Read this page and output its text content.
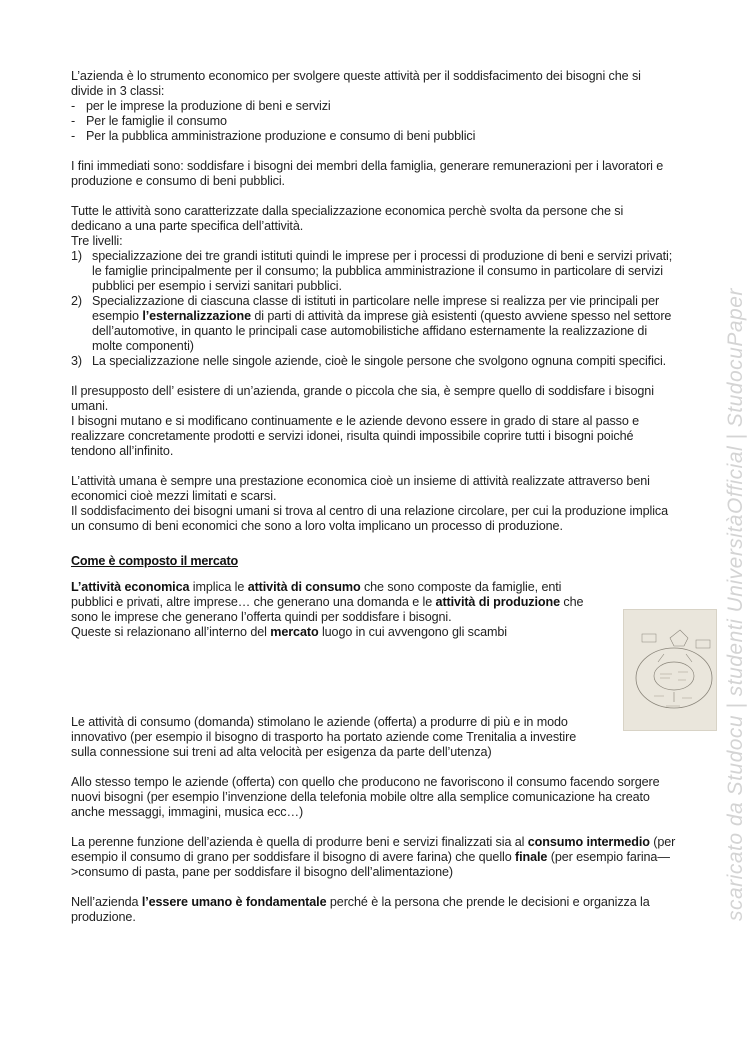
L’azienda è lo strumento economico per svolgere queste attività per il soddisfacimento dei bisogni che si divide in 3 classi:

- per le imprese la produzione di beni e servizi
- Per le famiglie il consumo
- Per la pubblica amministrazione produzione e consumo di beni pubblici

I fini immediati sono: soddisfare i bisogni dei membri della famiglia, generare remunerazioni per i lavoratori e produzione e consumo di beni pubblici.

Tutte le attività sono caratterizzate dalla specializzazione economica perchè svolta da persone che si dedicano a una parte specifica dell’attività.

Tre livelli:

1) specializzazione dei tre grandi istituti quindi le imprese per i processi di produzione di beni e servizi privati; le famiglie principalmente per il consumo; la pubblica amministrazione il consumo in particolare di servizi pubblici per esempio i servizi sanitari pubblici.
2) Specializzazione di ciascuna classe di istituti in particolare nelle imprese si realizza per vie principali per esempio l’esternalizzazione di parti di attività da imprese già esistenti (questo avviene spesso nel settore dell’automotive, in quanto le principali case automobilistiche affidano esternamente la realizzazione di molte componenti)
3) La specializzazione nelle singole aziende, cioè le singole persone che svolgono ognuna compiti specifici.

Il presupposto dell’ esistere di un’azienda, grande o piccola che sia, è sempre quello di soddisfare i bisogni umani.

I bisogni mutano e si modificano continuamente e le aziende devono essere in grado di stare al passo e realizzare concretamente prodotti e servizi idonei, risulta quindi impossibile coprire tutti i bisogni poiché tendono all’infinito.

L’attività umana è sempre una prestazione economica cioè un insieme di attività realizzate attraverso beni economici cioè mezzi limitati e scarsi.

Il soddisfacimento dei bisogni umani si trova al centro di una relazione circolare, per cui la produzione implica un consumo di beni economici che sono a loro volta implicano un processo di produzione.

Come è composto il mercato

L’attività economica implica le attività di consumo che sono composte da famiglie, enti pubblici e privati, altre imprese… che generano una domanda e le attività di produzione che sono le imprese che generano l’offerta quindi per soddisfare i bisogni.
Queste si relazionano all’interno del mercato luogo in cui avvengono gli scambi

Le attività di consumo (domanda) stimolano le aziende (offerta) a produrre di più e in modo innovativo (per esempio il bisogno di trasporto ha portato aziende come Trenitalia a investire sulla connessione sui treni ad alta velocità per esigenza da parte dell’utenza)

Allo stesso tempo le aziende (offerta) con quello che producono ne favoriscono il consumo facendo sorgere nuovi bisogni (per esempio l’invenzione della telefonia mobile oltre alla semplice comunicazione ha creato anche messaggi, immagini, musica ecc…)

La perenne funzione dell’azienda è quella di produrre beni e servizi finalizzati sia al consumo intermedio (per esempio il consumo di grano per soddisfare il bisogno di avere farina) che quello finale (per esempio farina—>consumo di pasta, pane per soddisfare il bisogno dell’alimentazione)

Nell’azienda l’essere umano è fondamentale perché è la persona che prende le decisioni e organizza la produzione.	scaricato da Studocu | studenti UniversitàOfficial | StudocuPaper
